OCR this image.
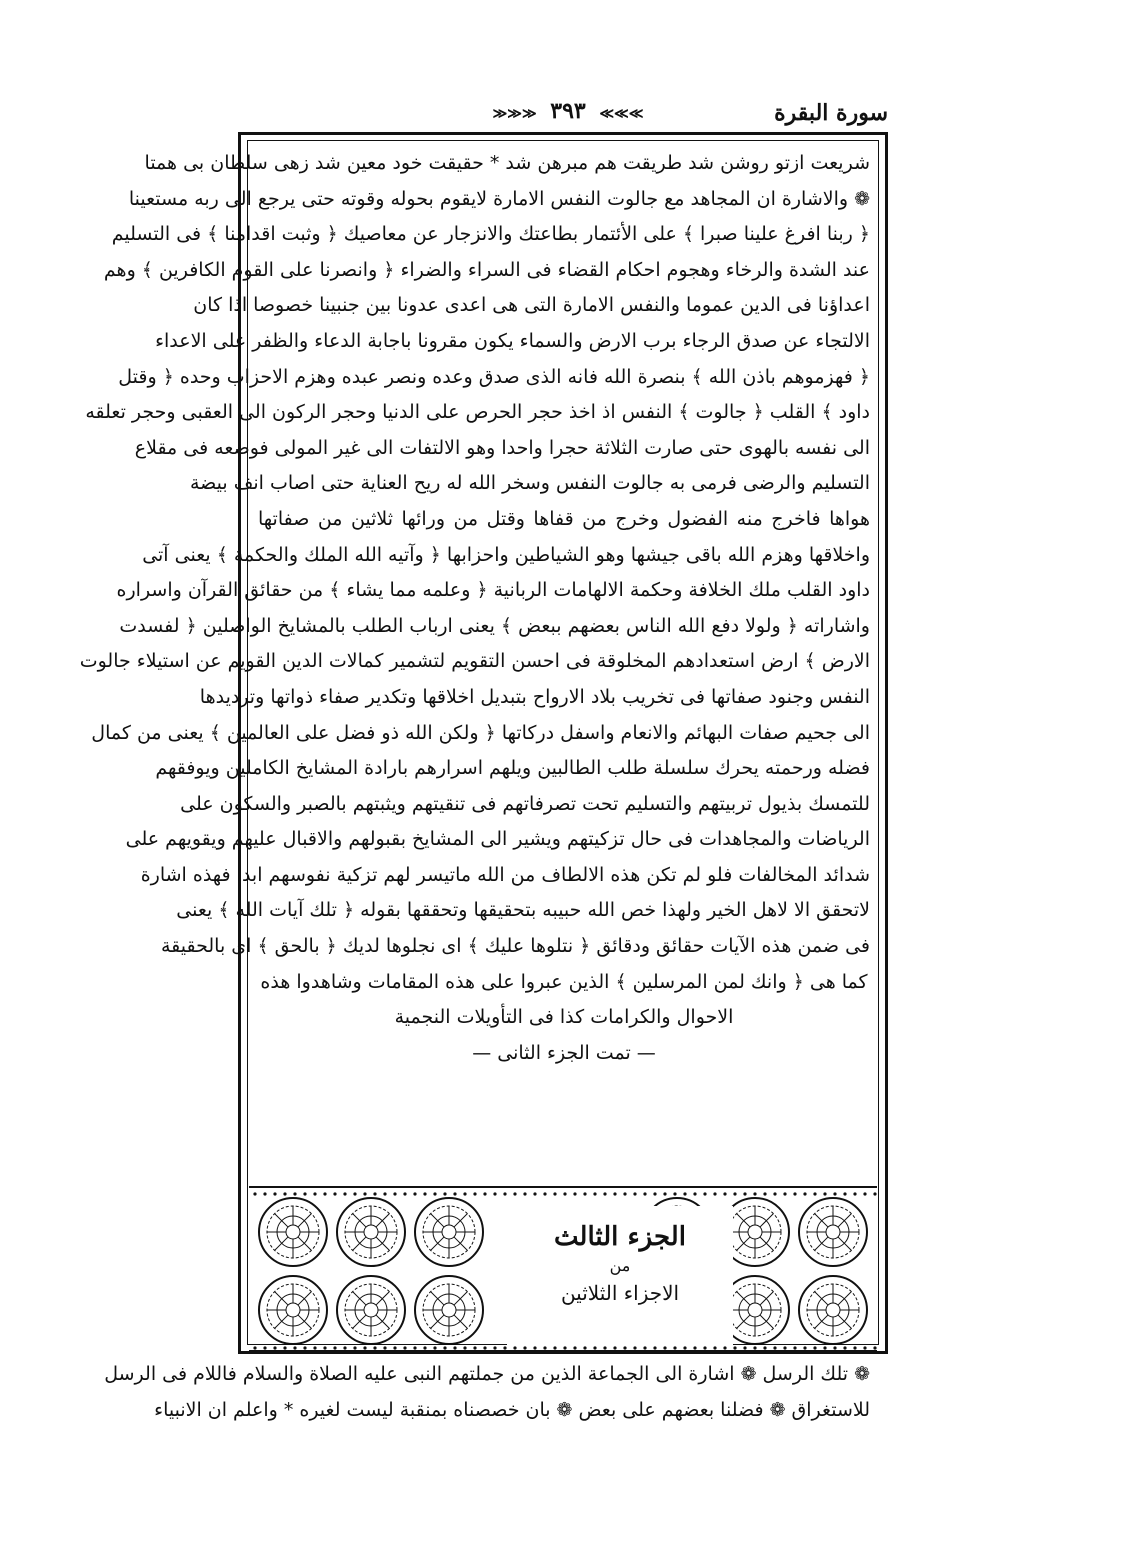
سورة البقرة
≫≫≫ ٣٩٣ ≪≪≪
شريعت ازتو روشن شد طريقت هم مبرهن شد * حقيقت خود معين شد زهى سلطان بى همتا
❁ والاشارة ان المجاهد مع جالوت النفس الامارة لايقوم بحوله وقوته حتى يرجع الى ربه مستعينا
﴿ ربنا افرغ علينا صبرا ﴾ على الأئتمار بطاعتك والانزجار عن معاصيك ﴿ وثبت اقدامنا ﴾ فى التسليم
عند الشدة والرخاء وهجوم احكام القضاء فى السراء والضراء ﴿ وانصرنا على القوم الكافرين ﴾ وهم
اعداؤنا فى الدين عموما والنفس الامارة التى هى اعدى عدونا بين جنبينا خصوصا اذا كان
الالتجاء عن صدق الرجاء برب الارض والسماء يكون مقرونا باجابة الدعاء والظفر على الاعداء
﴿ فهزموهم باذن الله ﴾ بنصرة الله فانه الذى صدق وعده ونصر عبده وهزم الاحزاب وحده ﴿ وقتل
داود ﴾ القلب ﴿ جالوت ﴾ النفس اذ اخذ حجر الحرص على الدنيا وحجر الركون الى العقبى وحجر تعلقه
الى نفسه بالهوى حتى صارت الثلاثة حجرا واحدا وهو الالتفات الى غير المولى فوضعه فى مقلاع
التسليم والرضى فرمى به جالوت النفس وسخر الله له ريح العناية حتى اصاب انف بيضة
هواها فاخرج منه الفضول وخرج من قفاها وقتل من ورائها ثلاثين من صفاتها
واخلاقها وهزم الله باقى جيشها وهو الشياطين واحزابها ﴿ وآتيه الله الملك والحكمة ﴾ يعنى آتى
داود القلب ملك الخلافة وحكمة الالهامات الربانية ﴿ وعلمه مما يشاء ﴾ من حقائق القرآن واسراره
واشاراته ﴿ ولولا دفع الله الناس بعضهم ببعض ﴾ يعنى ارباب الطلب بالمشايخ الواصلين ﴿ لفسدت
الارض ﴾ ارض استعدادهم المخلوقة فى احسن التقويم لتشمير كمالات الدين القويم عن استيلاء جالوت
النفس وجنود صفاتها فى تخريب بلاد الارواح بتبديل اخلاقها وتكدير صفاء ذواتها وترديدها
الى جحيم صفات البهائم والانعام واسفل دركاتها ﴿ ولكن الله ذو فضل على العالمين ﴾ يعنى من كمال
فضله ورحمته يحرك سلسلة طلب الطالبين ويلهم اسرارهم بارادة المشايخ الكاملين ويوفقهم
للتمسك بذيول تربيتهم والتسليم تحت تصرفاتهم فى تنقيتهم ويثبتهم بالصبر والسكون على
الرياضات والمجاهدات فى حال تزكيتهم ويشير الى المشايخ بقبولهم والاقبال عليهم ويقويهم على
شدائد المخالفات فلو لم تكن هذه الالطاف من الله ماتيسر لهم تزكية نفوسهم ابدا فهذه اشارة
لاتحقق الا لاهل الخير ولهذا خص الله حبيبه بتحقيقها وتحققها بقوله ﴿ تلك آيات الله ﴾ يعنى
فى ضمن هذه الآيات حقائق ودقائق ﴿ نتلوها عليك ﴾ اى نجلوها لديك ﴿ بالحق ﴾ اى بالحقيقة
كما هى ﴿ وانك لمن المرسلين ﴾ الذين عبروا على هذه المقامات وشاهدوا هذه
الاحوال والكرامات كذا فى التأويلات النجمية
— تمت الجزء الثانى —
الجزء الثالث
من
الاجزاء الثلاثين
❁ تلك الرسل ❁ اشارة الى الجماعة الذين من جملتهم النبى عليه الصلاة والسلام فاللام فى الرسل
للاستغراق ❁ فضلنا بعضهم على بعض ❁ بان خصصناه بمنقبة ليست لغيره * واعلم ان الانبياء
